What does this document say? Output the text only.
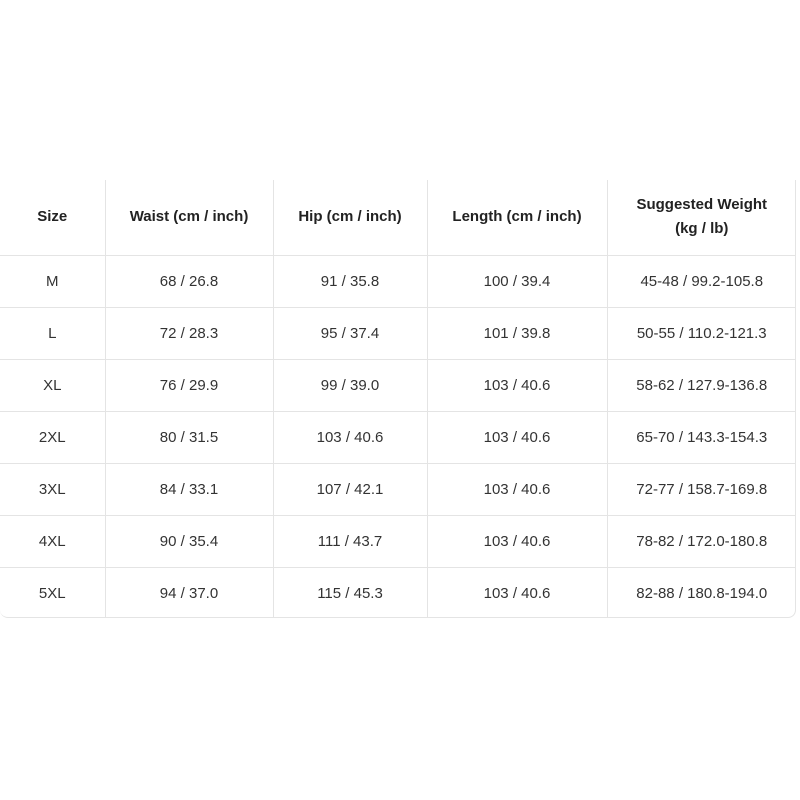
Size	Waist (cm / inch)	Hip (cm / inch)	Length (cm / inch)	Suggested Weight (kg / lb)
M	68 / 26.8	91 / 35.8	100 / 39.4	45-48 / 99.2-105.8
L	72 / 28.3	95 / 37.4	101 / 39.8	50-55 / 110.2-121.3
XL	76 / 29.9	99 / 39.0	103 / 40.6	58-62 / 127.9-136.8
2XL	80 / 31.5	103 / 40.6	103 / 40.6	65-70 / 143.3-154.3
3XL	84 / 33.1	107 / 42.1	103 / 40.6	72-77 / 158.7-169.8
4XL	90 / 35.4	111 / 43.7	103 / 40.6	78-82 / 172.0-180.8
5XL	94 / 37.0	115 / 45.3	103 / 40.6	82-88 / 180.8-194.0
